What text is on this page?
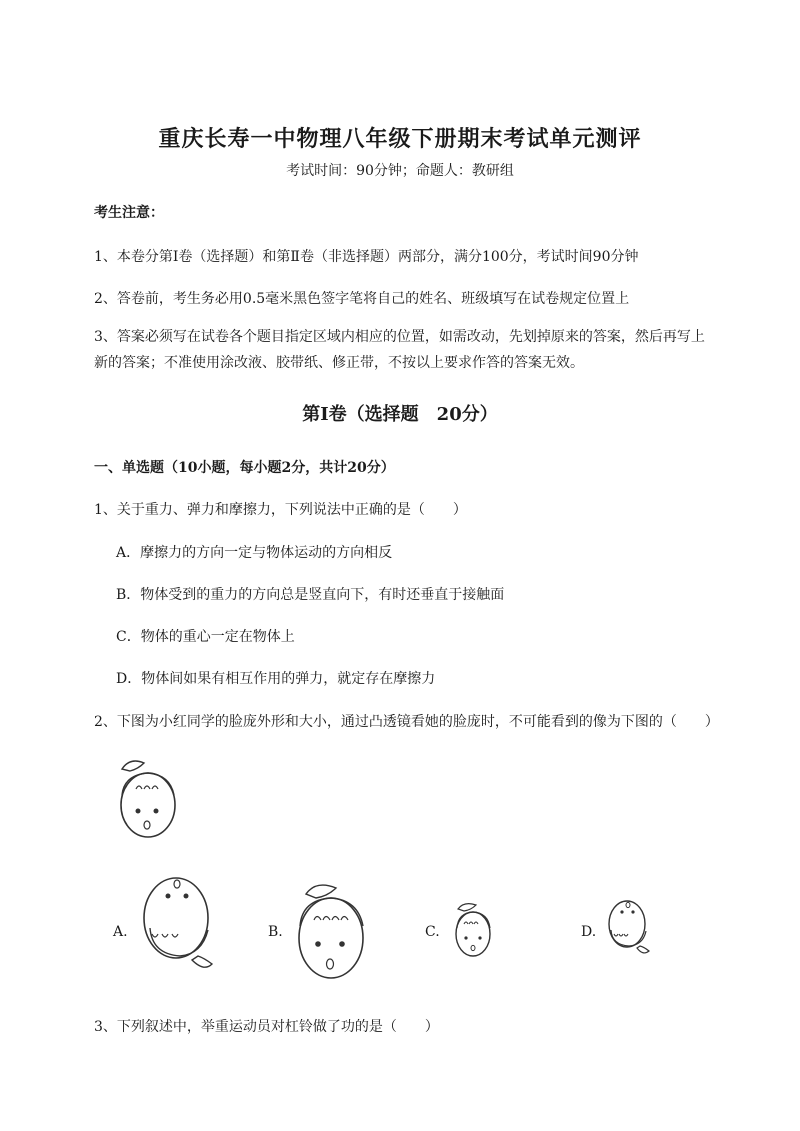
重庆长寿一中物理八年级下册期末考试单元测评
考试时间：90分钟；命题人：教研组
考生注意：
1、本卷分第I卷（选择题）和第Ⅱ卷（非选择题）两部分，满分100分，考试时间90分钟
2、答卷前，考生务必用0.5毫米黑色签字笔将自己的姓名、班级填写在试卷规定位置上
3、答案必须写在试卷各个题目指定区域内相应的位置，如需改动，先划掉原来的答案，然后再写上新的答案；不准使用涂改液、胶带纸、修正带，不按以上要求作答的答案无效。
第I卷（选择题　20分）
一、单选题（10小题，每小题2分，共计20分）
1、关于重力、弹力和摩擦力，下列说法中正确的是（　　）
A．摩擦力的方向一定与物体运动的方向相反
B．物体受到的重力的方向总是竖直向下，有时还垂直于接触面
C．物体的重心一定在物体上
D．物体间如果有相互作用的弹力，就定存在摩擦力
2、下图为小红同学的脸庞外形和大小，通过凸透镜看她的脸庞时，不可能看到的像为下图的（　　）
A.	B.	C.	D.
3、下列叙述中，举重运动员对杠铃做了功的是（　　）
